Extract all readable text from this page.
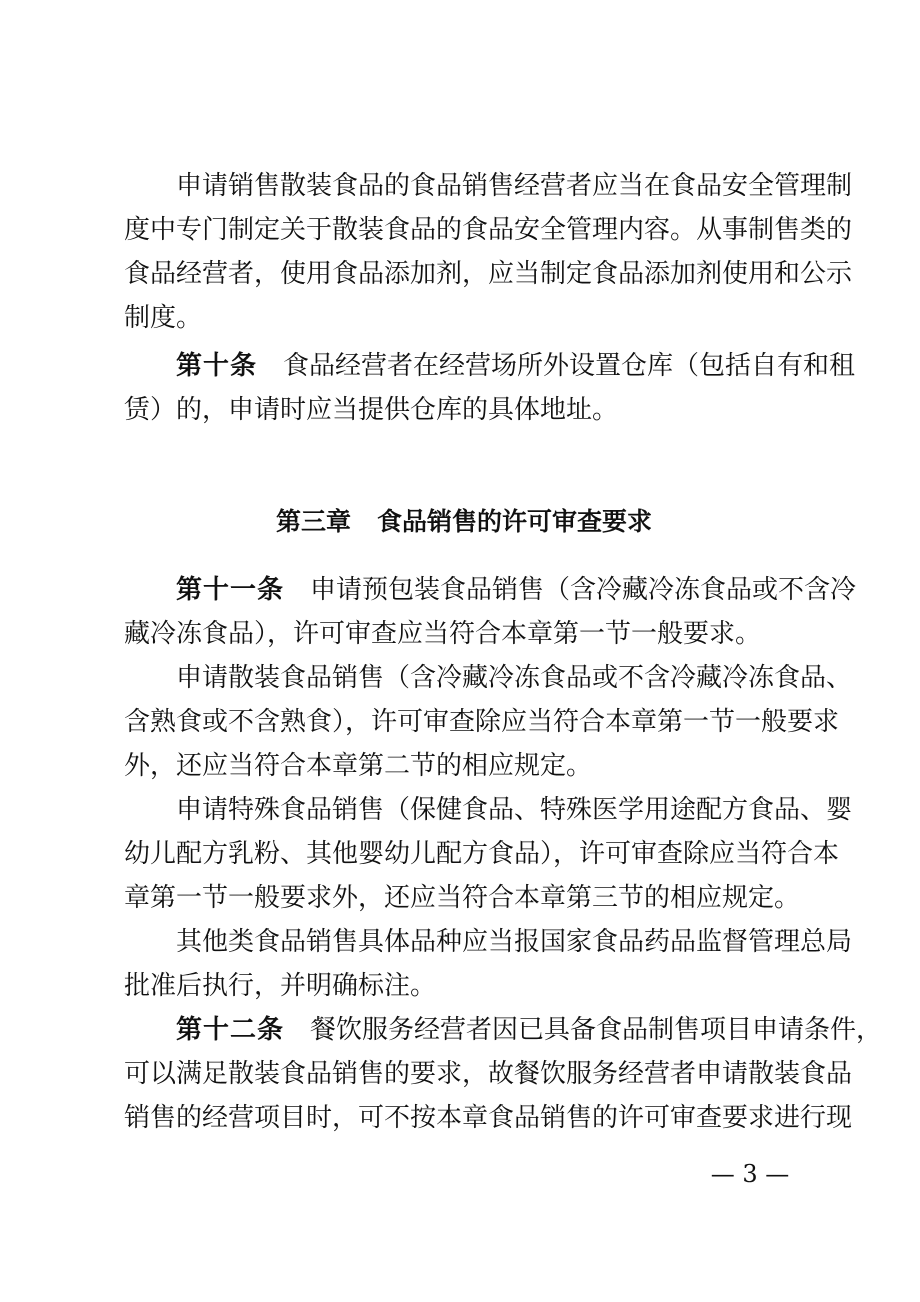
申请销售散装食品的食品销售经营者应当在食品安全管理制
度中专门制定关于散装食品的食品安全管理内容。从事制售类的
食品经营者，使用食品添加剂，应当制定食品添加剂使用和公示
制度。
第十条 食品经营者在经营场所外设置仓库（包括自有和租
赁）的，申请时应当提供仓库的具体地址。
第三章 食品销售的许可审查要求
第十一条 申请预包装食品销售（含冷藏冷冻食品或不含冷
藏冷冻食品），许可审查应当符合本章第一节一般要求。
申请散装食品销售（含冷藏冷冻食品或不含冷藏冷冻食品、
含熟食或不含熟食），许可审查除应当符合本章第一节一般要求
外，还应当符合本章第二节的相应规定。
申请特殊食品销售（保健食品、特殊医学用途配方食品、婴
幼儿配方乳粉、其他婴幼儿配方食品），许可审查除应当符合本
章第一节一般要求外，还应当符合本章第三节的相应规定。
其他类食品销售具体品种应当报国家食品药品监督管理总局
批准后执行，并明确标注。
第十二条 餐饮服务经营者因已具备食品制售项目申请条件，
可以满足散装食品销售的要求，故餐饮服务经营者申请散装食品
销售的经营项目时，可不按本章食品销售的许可审查要求进行现
— 3 —
